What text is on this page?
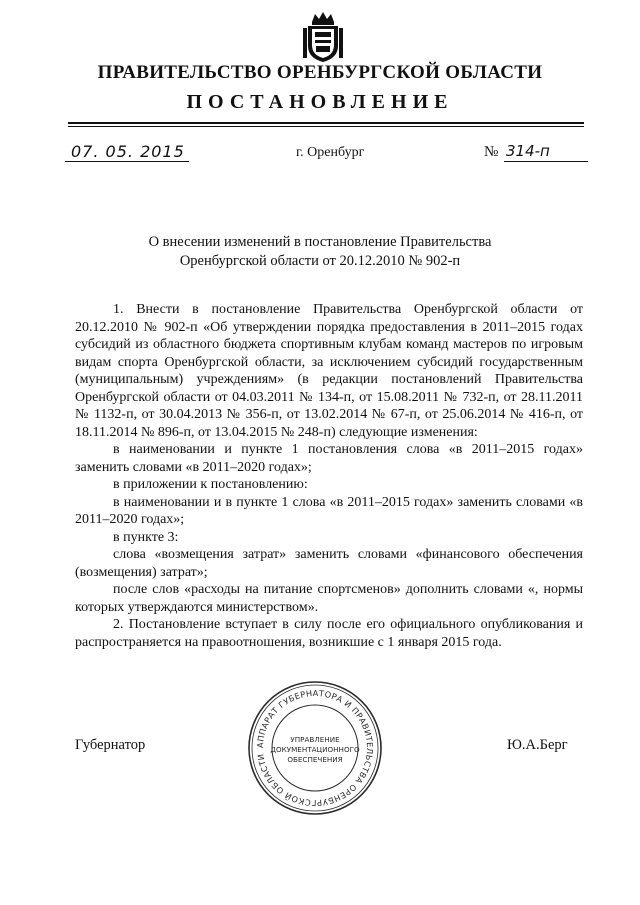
ПРАВИТЕЛЬСТВО ОРЕНБУРГСКОЙ ОБЛАСТИ
ПОСТАНОВЛЕНИЕ
07. 05. 2015	г. Оренбург	№ 314-п
О внесении изменений в постановление Правительства
Оренбургской области от 20.12.2010 № 902-п

1. Внести в постановление Правительства Оренбургской области от 20.12.2010 № 902-п «Об утверждении порядка предоставления в 2011–2015 годах субсидий из областного бюджета спортивным клубам команд мастеров по игровым видам спорта Оренбургской области, за исключением субсидий государственным (муниципальным) учреждениям» (в редакции постановлений Правительства Оренбургской области от 04.03.2011 № 134-п, от 15.08.2011 № 732-п, от 28.11.2011 № 1132-п, от 30.04.2013 № 356-п, от 13.02.2014 № 67-п, от 25.06.2014 № 416-п, от 18.11.2014 № 896-п, от 13.04.2015 № 248-п) следующие изменения:

в наименовании и пункте 1 постановления слова «в 2011–2015 годах» заменить словами «в 2011–2020 годах»;

в приложении к постановлению:

в наименовании и в пункте 1 слова «в 2011–2015 годах» заменить словами «в 2011–2020 годах»;

в пункте 3:

слова «возмещения затрат» заменить словами «финансового обеспечения (возмещения) затрат»;

после слов «расходы на питание спортсменов» дополнить словами «, нормы которых утверждаются министерством».

2. Постановление вступает в силу после его официального опубликования и распространяется на правоотношения, возникшие с 1 января 2015 года.

АППАРАТ ГУБЕРНАТОРА И ПРАВИТЕЛЬСТВА ОРЕНБУРГСКОЙ ОБЛАСТИ
УПРАВЛЕНИЕ
ДОКУМЕНТАЦИОННОГО
ОБЕСПЕЧЕНИЯ
Губернатор	Ю.А.Берг
